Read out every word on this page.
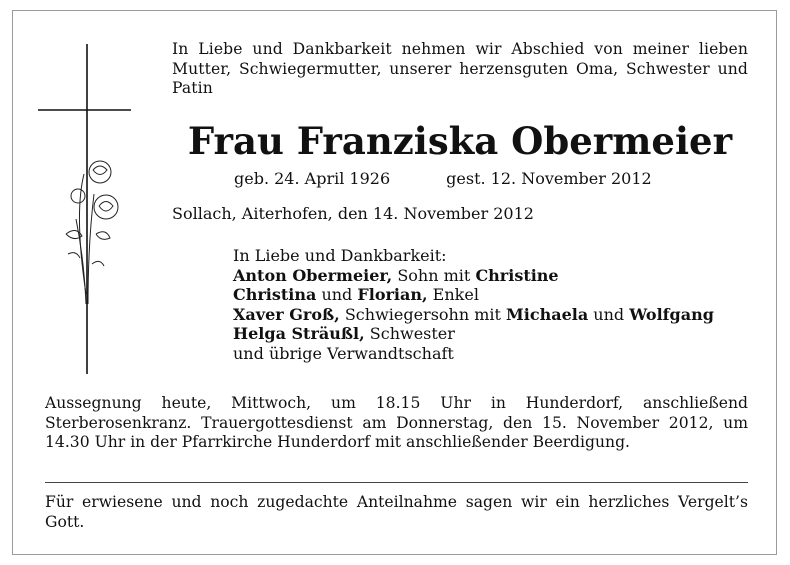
In Liebe und Dankbarkeit nehmen wir Abschied von meiner lieben Mutter, Schwiegermutter, unserer herzensguten Oma, Schwester und Patin
Frau Franziska Obermeier
geb. 24. April 1926	gest. 12. November 2012
Sollach, Aiterhofen, den 14. November 2012
In Liebe und Dankbarkeit:
Anton Obermeier, Sohn mit Christine
Christina und Florian, Enkel
Xaver Groß, Schwiegersohn mit Michaela und Wolfgang
Helga Sträußl, Schwester
und übrige Verwandtschaft
Aussegnung heute, Mittwoch, um 18.15 Uhr in Hunderdorf, anschließend Sterberosenkranz. Trauergottesdienst am Donnerstag, den 15. November 2012, um 14.30 Uhr in der Pfarrkirche Hunderdorf mit anschließender Beerdigung.
Für erwiesene und noch zugedachte Anteilnahme sagen wir ein herzliches Vergelt’s Gott.
